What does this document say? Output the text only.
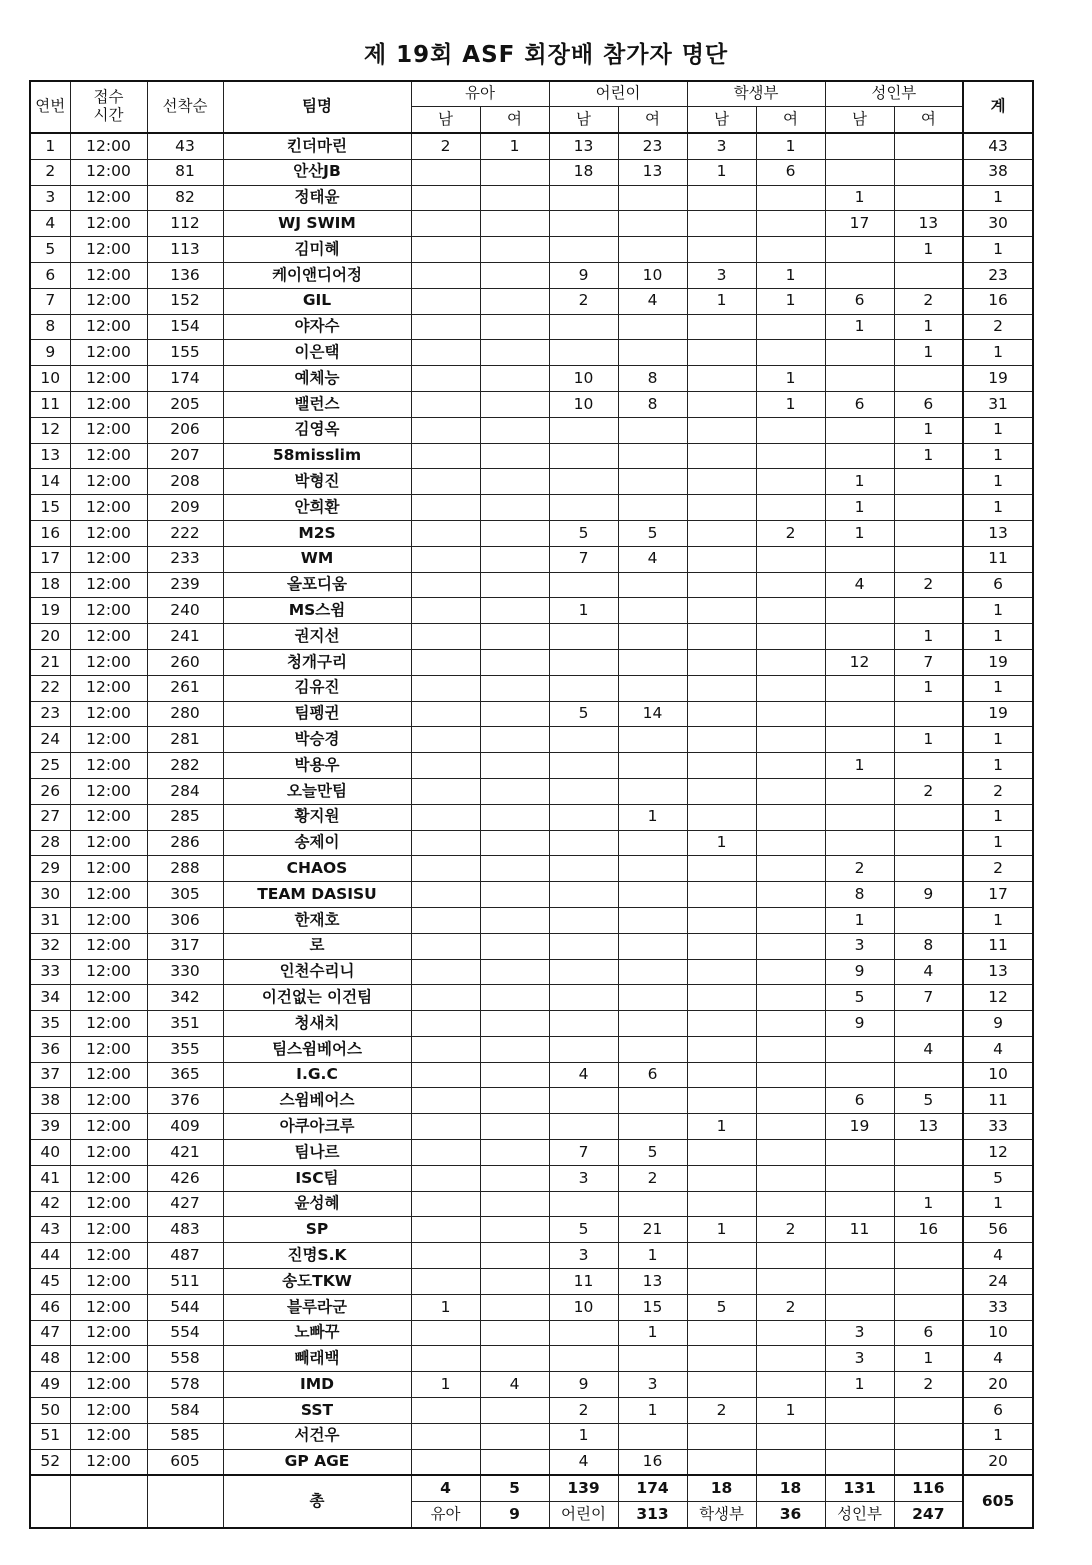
제 19회 ASF 회장배 참가자 명단
연번	접수
시간	선착순	팀명	유아		어린이		학생부		성인부		계
				남	여	남	여	남	여	남	여	
1	12:00	43	킨더마린	2	1	13	23	3	1			43
2	12:00	81	안산JB			18	13	1	6			38
3	12:00	82	정태윤							1		1
4	12:00	112	WJ SWIM							17	13	30
5	12:00	113	김미혜								1	1
6	12:00	136	케이앤디어정			9	10	3	1			23
7	12:00	152	GIL			2	4	1	1	6	2	16
8	12:00	154	야자수							1	1	2
9	12:00	155	이은택								1	1
10	12:00	174	예체능			10	8		1			19
11	12:00	205	밸런스			10	8		1	6	6	31
12	12:00	206	김영옥								1	1
13	12:00	207	58misslim								1	1
14	12:00	208	박형진							1		1
15	12:00	209	안희환							1		1
16	12:00	222	M2S			5	5		2	1		13
17	12:00	233	WM			7	4					11
18	12:00	239	올포디움							4	2	6
19	12:00	240	MS스윔			1						1
20	12:00	241	권지선								1	1
21	12:00	260	청개구리							12	7	19
22	12:00	261	김유진								1	1
23	12:00	280	팀펭귄			5	14					19
24	12:00	281	박승경								1	1
25	12:00	282	박용우							1		1
26	12:00	284	오늘만팀								2	2
27	12:00	285	황지원				1					1
28	12:00	286	송제이					1				1
29	12:00	288	CHAOS							2		2
30	12:00	305	TEAM DASISU							8	9	17
31	12:00	306	한재호							1		1
32	12:00	317	로							3	8	11
33	12:00	330	인천수리니							9	4	13
34	12:00	342	이건없는 이건팀							5	7	12
35	12:00	351	청새치							9		9
36	12:00	355	팀스윔베어스								4	4
37	12:00	365	I.G.C			4	6					10
38	12:00	376	스윔베어스							6	5	11
39	12:00	409	아쿠아크루					1		19	13	33
40	12:00	421	팀나르			7	5					12
41	12:00	426	ISC팀			3	2					5
42	12:00	427	윤성혜								1	1
43	12:00	483	SP			5	21	1	2	11	16	56
44	12:00	487	진명S.K			3	1					4
45	12:00	511	송도TKW			11	13					24
46	12:00	544	블루라군	1		10	15	5	2			33
47	12:00	554	노빠꾸				1			3	6	10
48	12:00	558	빼래백							3	1	4
49	12:00	578	IMD	1	4	9	3			1	2	20
50	12:00	584	SST			2	1	2	1			6
51	12:00	585	서건우			1						1
52	12:00	605	GP AGE			4	16					20
			총	4	5	139	174	18	18	131	116	605
				유아	9	어린이	313	학생부	36	성인부	247	
